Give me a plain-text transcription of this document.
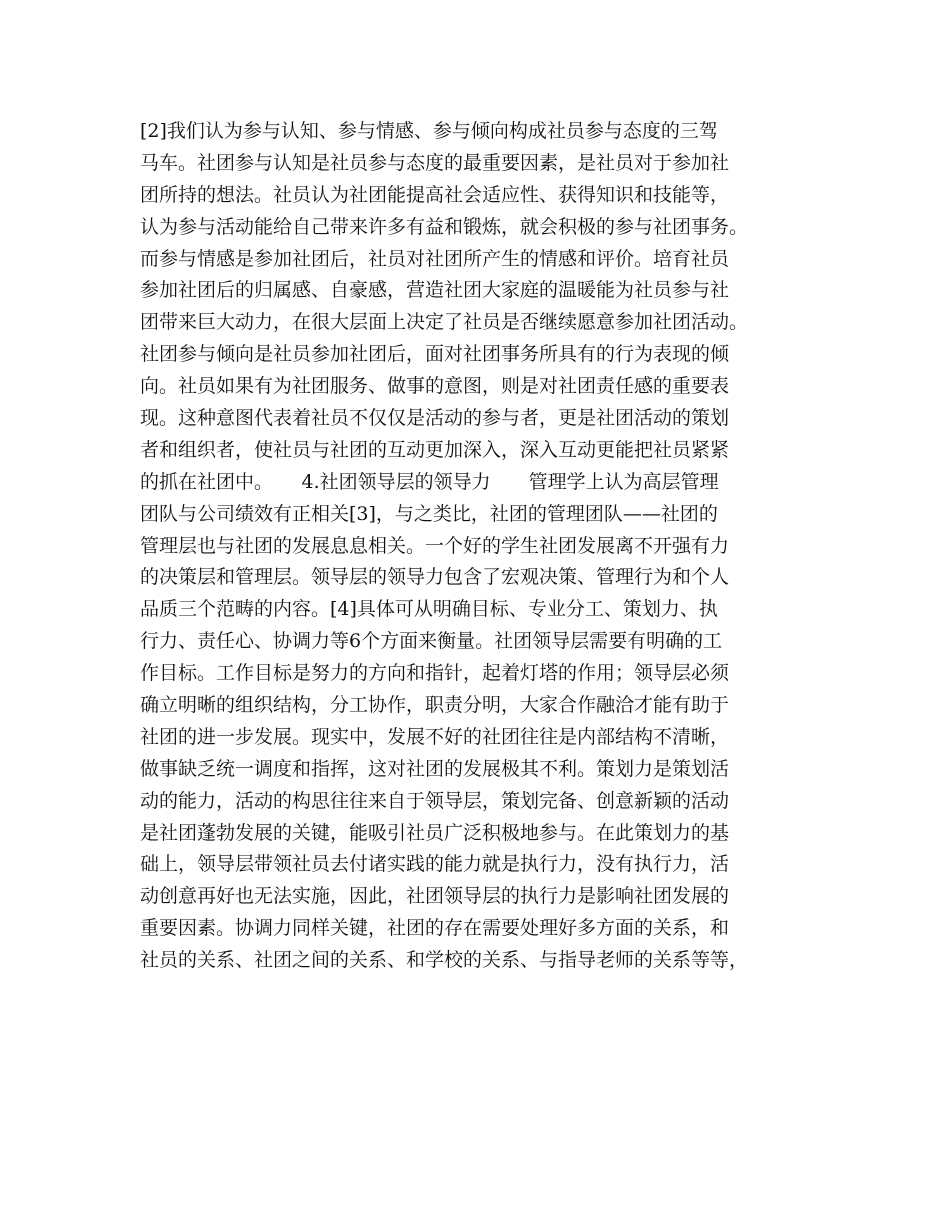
[2]我们认为参与认知、参与情感、参与倾向构成社员参与态度的三驾
马车。社团参与认知是社员参与态度的最重要因素，是社员对于参加社
团所持的想法。社员认为社团能提高社会适应性、获得知识和技能等，
认为参与活动能给自己带来许多有益和锻炼，就会积极的参与社团事务。
而参与情感是参加社团后，社员对社团所产生的情感和评价。培育社员
参加社团后的归属感、自豪感，营造社团大家庭的温暖能为社员参与社
团带来巨大动力，在很大层面上决定了社员是否继续愿意参加社团活动。
社团参与倾向是社员参加社团后，面对社团事务所具有的行为表现的倾
向。社员如果有为社团服务、做事的意图，则是对社团责任感的重要表
现。这种意图代表着社员不仅仅是活动的参与者，更是社团活动的策划
者和组织者，使社员与社团的互动更加深入，深入互动更能把社员紧紧
的抓在社团中。　　4.社团领导层的领导力　　管理学上认为高层管理
团队与公司绩效有正相关[3]，与之类比，社团的管理团队——社团的
管理层也与社团的发展息息相关。一个好的学生社团发展离不开强有力
的决策层和管理层。领导层的领导力包含了宏观决策、管理行为和个人
品质三个范畴的内容。[4]具体可从明确目标、专业分工、策划力、执
行力、责任心、协调力等6个方面来衡量。社团领导层需要有明确的工
作目标。工作目标是努力的方向和指针，起着灯塔的作用；领导层必须
确立明晰的组织结构，分工协作，职责分明，大家合作融洽才能有助于
社团的进一步发展。现实中，发展不好的社团往往是内部结构不清晰，
做事缺乏统一调度和指挥，这对社团的发展极其不利。策划力是策划活
动的能力，活动的构思往往来自于领导层，策划完备、创意新颖的活动
是社团蓬勃发展的关键，能吸引社员广泛积极地参与。在此策划力的基
础上，领导层带领社员去付诸实践的能力就是执行力，没有执行力，活
动创意再好也无法实施，因此，社团领导层的执行力是影响社团发展的
重要因素。协调力同样关键，社团的存在需要处理好多方面的关系，和
社员的关系、社团之间的关系、和学校的关系、与指导老师的关系等等，
